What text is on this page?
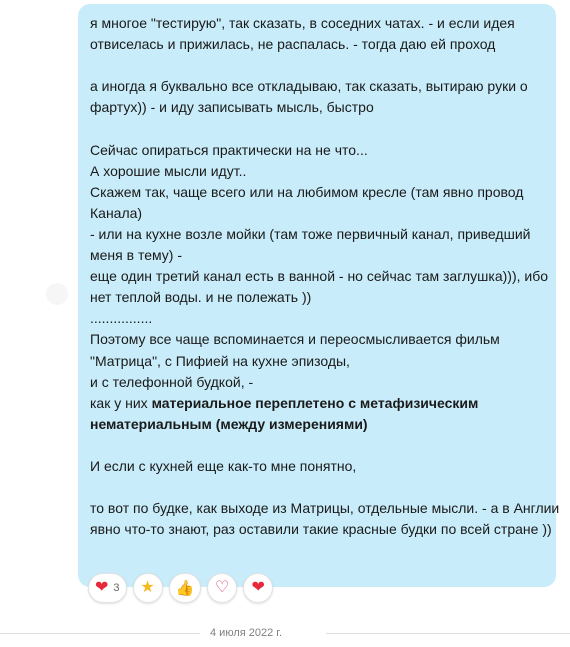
я многое "тестирую", так сказать, в соседних чатах. - и если идея
отвиселась и прижилась, не распалась. - тогда даю ей проход
а иногда я буквально все откладываю, так сказать, вытираю руки о
фартух)) - и иду записывать мысль, быстро
Сейчас опираться практически на не что...
А хорошие мысли идут..
Скажем так, чаще всего или на любимом кресле (там явно провод
Канала)
- или на кухне возле мойки (там тоже первичный канал, приведший
меня в тему) -
еще один третий канал есть в ванной - но сейчас там заглушка))), ибо
нет теплой воды. и не полежать ))
................
Поэтому все чаще вспоминается и переосмысливается фильм
"Матрица", с Пифией на кухне эпизоды,
и с телефонной будкой, -
как у них материальное переплетено с метафизическим
нематериальным (между измерениями)
И если с кухней еще как-то мне понятно,
то вот по будке, как выходе из Матрицы, отдельные мысли. - а в Англии
явно что-то знают, раз оставили такие красные будки по всей стране ))
❤ 3 ★ 👍 ♡ ❤
4 июля 2022 г.
